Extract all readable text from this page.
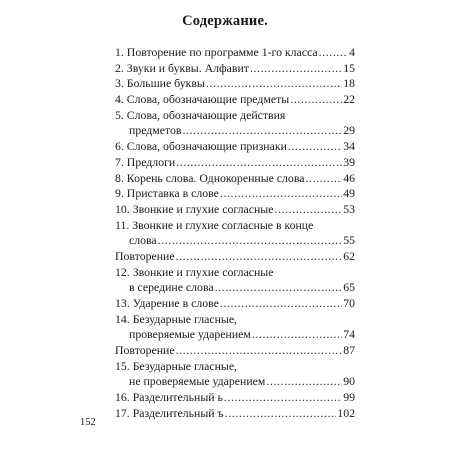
Содержание.
1. Повторение по программе 1-го класса .....	4
2. Звуки и буквы. Алфавит .....	15
3. Большие буквы .....	18
4. Слова, обозначающие предметы .....	22
5. Слова, обозначающие действия
предметов .....	29
6. Слова, обозначающие признаки .....	34
7. Предлоги .....	39
8. Корень слова. Однокоренные слова .....	46
9. Приставка в слове .....	49
10. Звонкие и глухие согласные .....	53
11. Звонкие и глухие согласные в конце
слова .....	55
Повторение .....	62
12. Звонкие и глухие согласные
в середине слова .....	65
13. Ударение в слове .....	70
14. Безударные гласные,
проверяемые ударением .....	74
Повторение .....	87
15. Безударные гласные,
не проверяемые ударением .....	90
16. Разделительный ь .....	99
17. Разделительный ъ .....	102
152
